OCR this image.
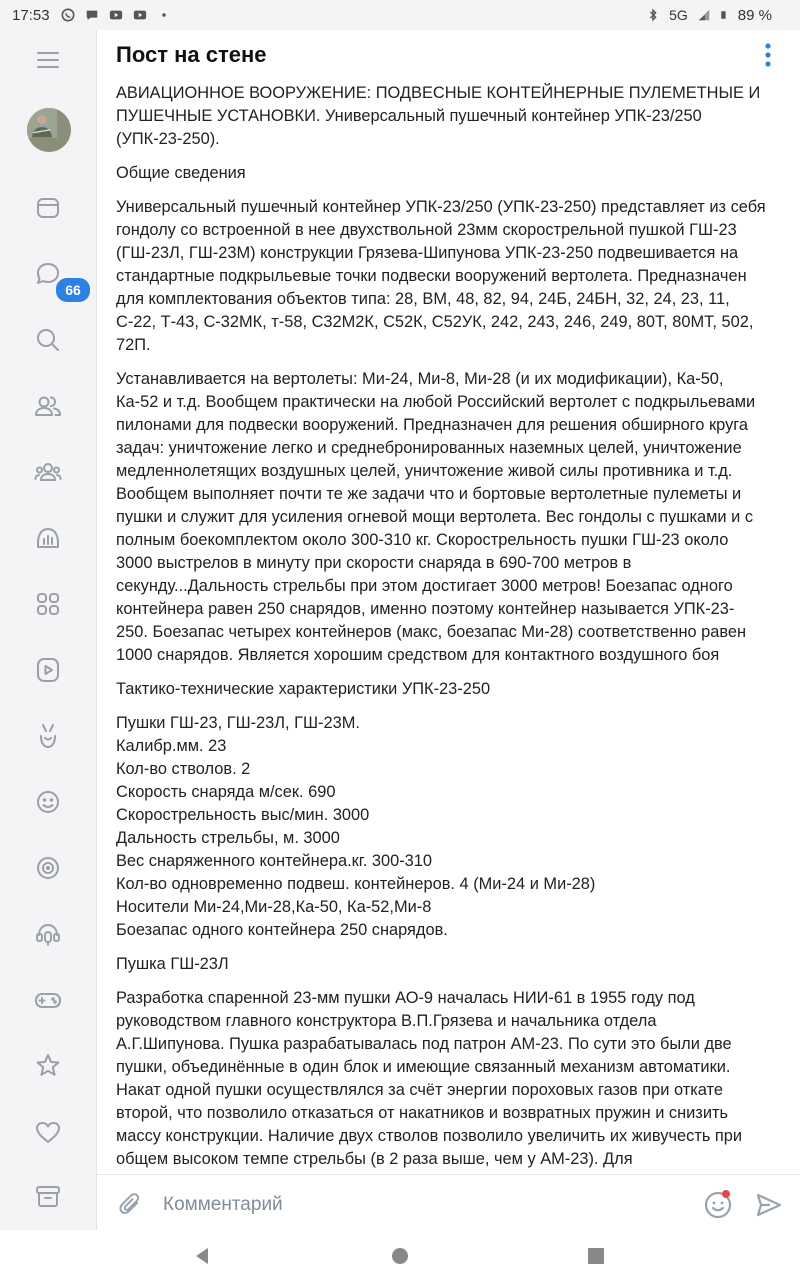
17:53	5G	89 %
66
Пост на стене

АВИАЦИОННОЕ ВООРУЖЕНИЕ: ПОДВЕСНЫЕ КОНТЕЙНЕРНЫЕ ПУЛЕМЕТНЫЕ И ПУШЕЧНЫЕ УСТАНОВКИ. Универсальный пушечный контейнер УПК-23/250 (УПК-23-250).

Общие сведения

Универсальный пушечный контейнер УПК-23/250 (УПК-23-250) представляет из себя гондолу со встроенной в нее двухствольной 23мм скорострельной пушкой ГШ-23 (ГШ-23Л, ГШ-23М) конструкции Грязева-Шипунова УПК-23-250 подвешивается на стандартные подкрыльевые точки подвески вооружений вертолета. Предназначен для комплектования объектов типа: 28, ВМ, 48, 82, 94, 24Б, 24БН, 32, 24, 23, 11, С-22, Т-43, С-32МК, т-58, С32М2К, С52К, С52УК, 242, 243, 246, 249, 80Т, 80МТ, 502, 72П.

Устанавливается на вертолеты: Ми-24, Ми-8, Ми-28 (и их модификации), Ка-50, Ка-52 и т.д. Вообщем практически на любой Российский вертолет с подкрыльевами пилонами для подвески вооружений. Предназначен для решения обширного круга задач: уничтожение легко и среднебронированных наземных целей, уничтожение медленнолетящих воздушных целей, уничтожение живой силы противника и т.д. Вообщем выполняет почти те же задачи что и бортовые вертолетные пулеметы и пушки и служит для усиления огневой мощи вертолета. Вес гондолы с пушками и с полным боекомплектом около 300-310 кг. Скорострельность пушки ГШ-23 около 3000 выстрелов в минуту при скорости снаряда в 690-700 метров в секунду...Дальность стрельбы при этом достигает 3000 метров! Боезапас одного контейнера равен 250 снарядов, именно поэтому контейнер называется УПК-23-250. Боезапас четырех контейнеров (макс, боезапас Ми-28) соответственно равен 1000 снарядов. Является хорошим средством для контактного воздушного боя

Тактико-технические характеристики УПК-23-250

Пушки ГШ-23, ГШ-23Л, ГШ-23М.
Калибр.мм. 23
Кол-во стволов. 2
Скорость снаряда м/сек. 690
Скорострельность выс/мин. 3000
Дальность стрельбы, м. 3000
Вес снаряженного контейнера.кг. 300-310
Кол-во одновременно подвеш. контейнеров. 4 (Ми-24 и Ми-28)
Носители Ми-24,Ми-28,Ка-50, Ка-52,Ми-8
Боезапас одного контейнера 250 снарядов.

Пушка ГШ-23Л

Разработка спаренной 23-мм пушки АО-9 началась НИИ-61 в 1955 году под руководством главного конструктора В.П.Грязева и начальника отдела А.Г.Шипунова. Пушка разрабатывалась под патрон АМ-23. По сути это были две пушки, объединённые в один блок и имеющие связанный механизм автоматики. Накат одной пушки осуществлялся за счёт энергии пороховых газов при откате второй, что позволило отказаться от накатников и возвратных пружин и снизить массу конструкции. Наличие двух стволов позволило увеличить их живучесть при общем высоком темпе стрельбы (в 2 раза выше, чем у АМ-23). Для

Комментарий
